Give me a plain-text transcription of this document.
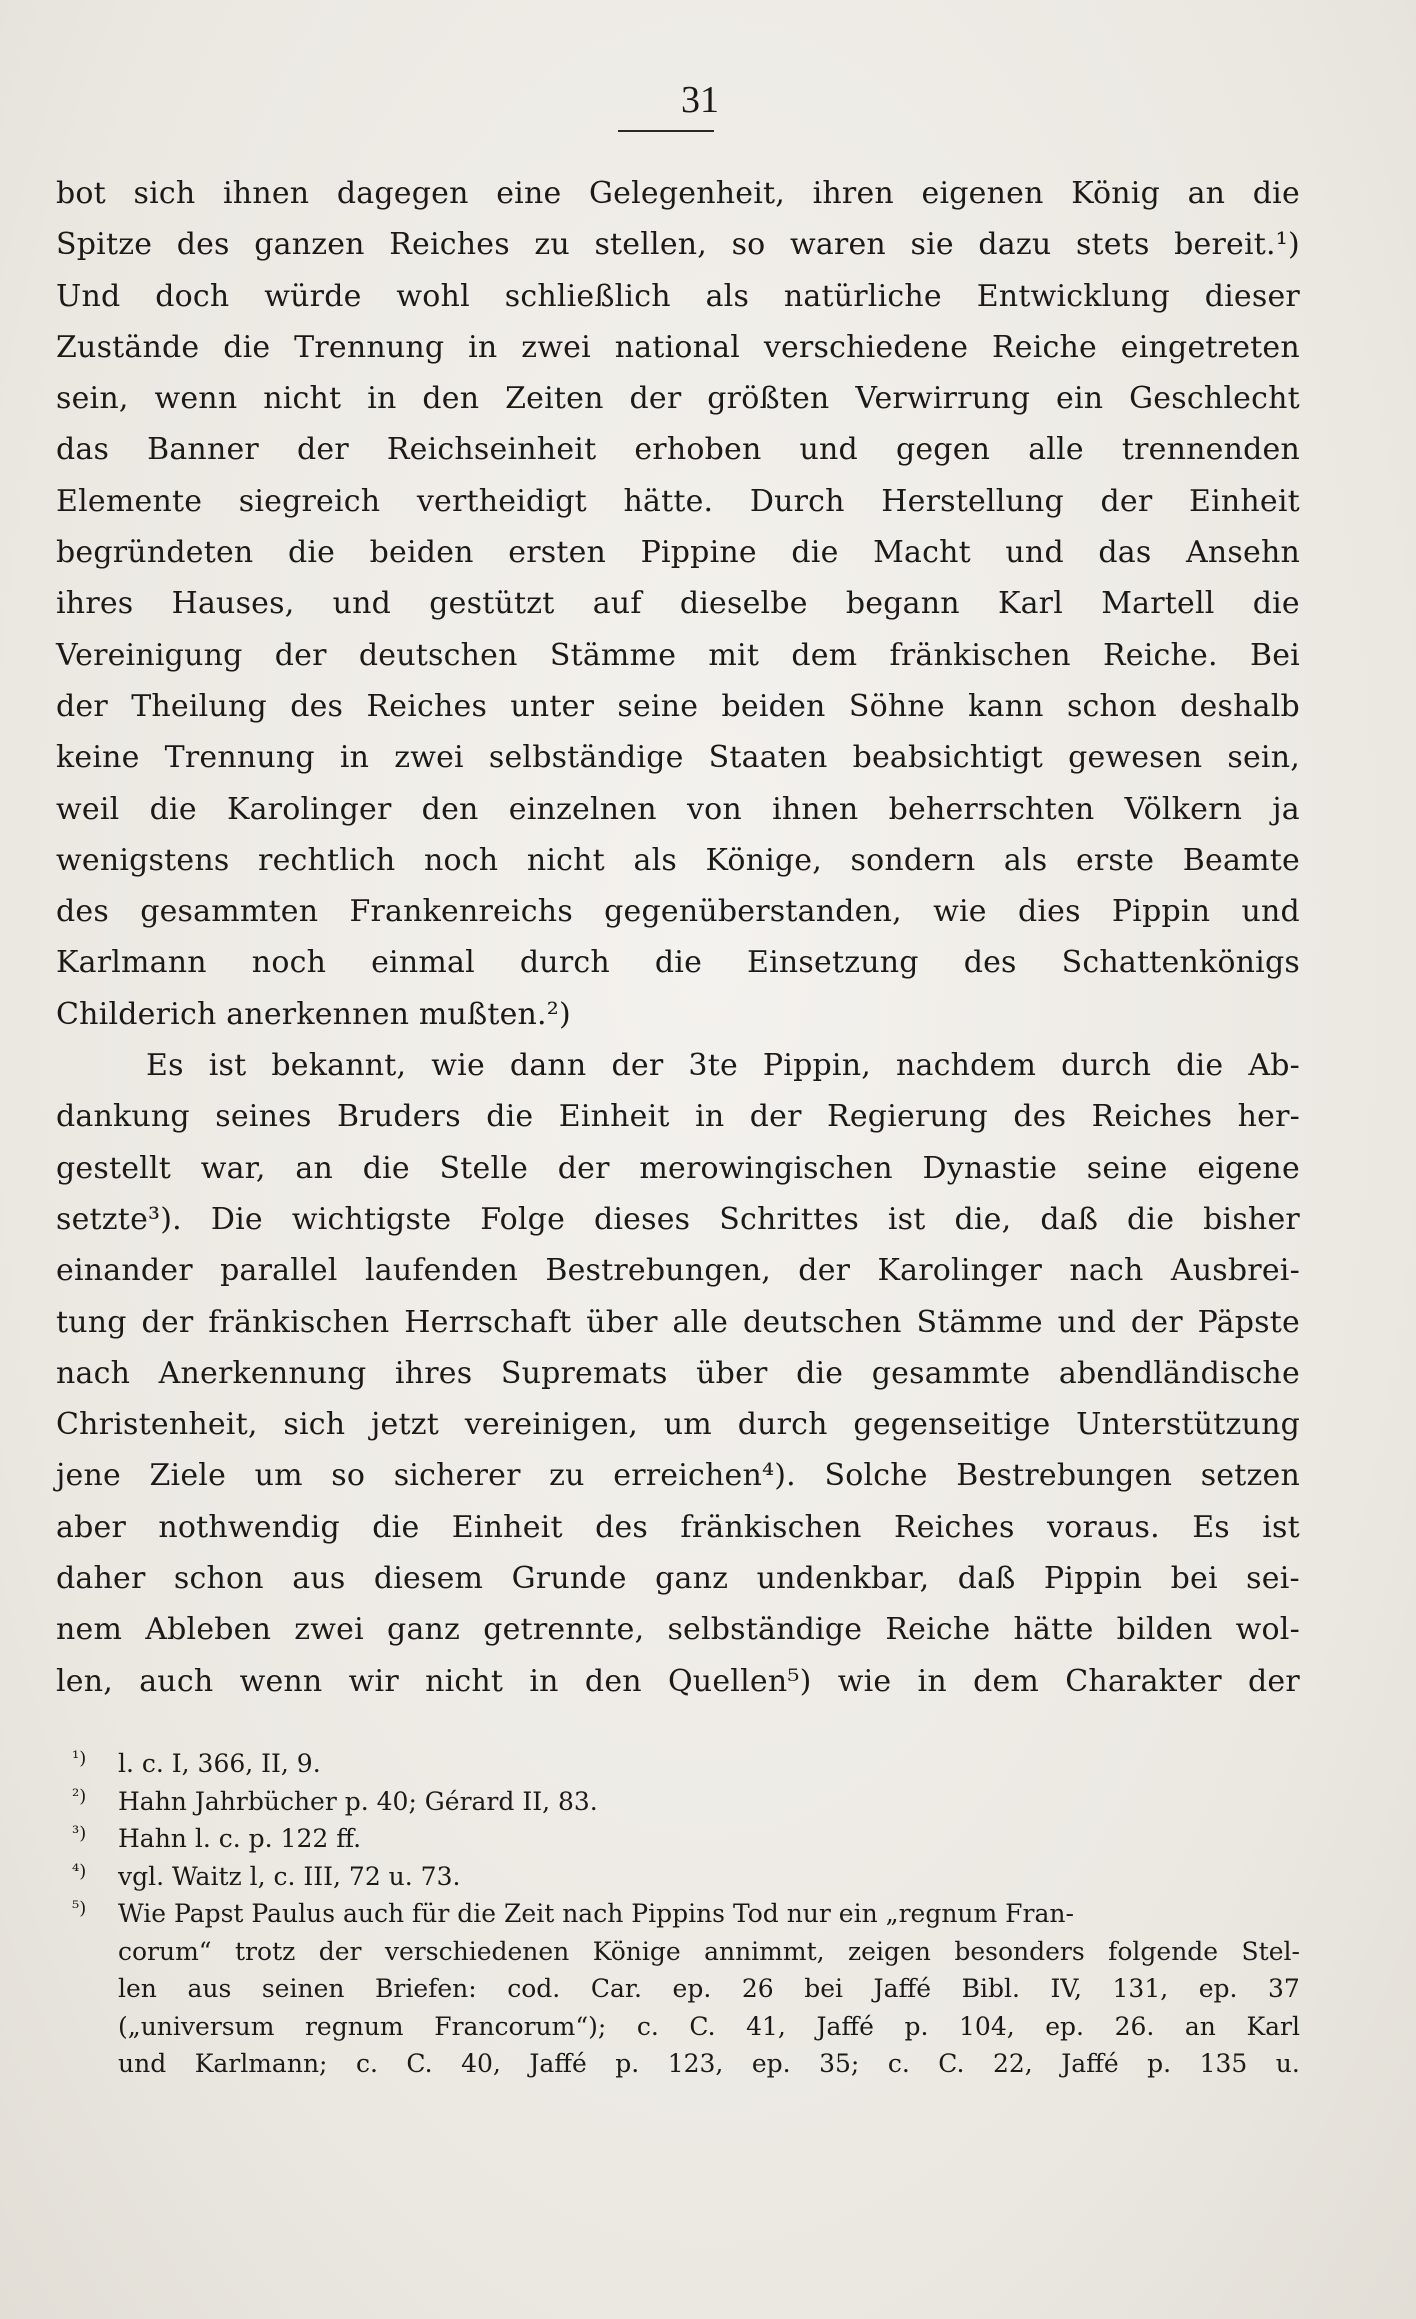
31
bot sich ihnen dagegen eine Gelegenheit, ihren eigenen König an die
Spitze des ganzen Reiches zu stellen, so waren sie dazu stets bereit.¹)
Und doch würde wohl schließlich als natürliche Entwicklung dieser
Zustände die Trennung in zwei national verschiedene Reiche eingetreten
sein, wenn nicht in den Zeiten der größten Verwirrung ein Geschlecht
das Banner der Reichseinheit erhoben und gegen alle trennenden
Elemente siegreich vertheidigt hätte. Durch Herstellung der Einheit
begründeten die beiden ersten Pippine die Macht und das Ansehn
ihres Hauses, und gestützt auf dieselbe begann Karl Martell die
Vereinigung der deutschen Stämme mit dem fränkischen Reiche. Bei
der Theilung des Reiches unter seine beiden Söhne kann schon deshalb
keine Trennung in zwei selbständige Staaten beabsichtigt gewesen sein,
weil die Karolinger den einzelnen von ihnen beherrschten Völkern ja
wenigstens rechtlich noch nicht als Könige, sondern als erste Beamte
des gesammten Frankenreichs gegenüberstanden, wie dies Pippin und
Karlmann noch einmal durch die Einsetzung des Schattenkönigs
Childerich anerkennen mußten.²)
Es ist bekannt, wie dann der 3te Pippin, nachdem durch die Ab-
dankung seines Bruders die Einheit in der Regierung des Reiches her-
gestellt war, an die Stelle der merowingischen Dynastie seine eigene
setzte³). Die wichtigste Folge dieses Schrittes ist die, daß die bisher
einander parallel laufenden Bestrebungen, der Karolinger nach Ausbrei-
tung der fränkischen Herrschaft über alle deutschen Stämme und der Päpste
nach Anerkennung ihres Supremats über die gesammte abendländische
Christenheit, sich jetzt vereinigen, um durch gegenseitige Unterstützung
jene Ziele um so sicherer zu erreichen⁴). Solche Bestrebungen setzen
aber nothwendig die Einheit des fränkischen Reiches voraus. Es ist
daher schon aus diesem Grunde ganz undenkbar, daß Pippin bei sei-
nem Ableben zwei ganz getrennte, selbständige Reiche hätte bilden wol-
len, auch wenn wir nicht in den Quellen⁵) wie in dem Charakter der
¹)	l. c. I, 366, II, 9.
²)	Hahn Jahrbücher p. 40; Gérard II, 83.
³)	Hahn l. c. p. 122 ff.
⁴)	vgl. Waitz l, c. III, 72 u. 73.
⁵)	Wie Papst Paulus auch für die Zeit nach Pippins Tod nur ein „regnum Fran-
corum“ trotz der verschiedenen Könige annimmt, zeigen besonders folgende Stel-
len aus seinen Briefen: cod. Car. ep. 26 bei Jaffé Bibl. IV, 131, ep. 37
(„universum regnum Francorum“); c. C. 41, Jaffé p. 104, ep. 26. an Karl
und Karlmann; c. C. 40, Jaffé p. 123, ep. 35; c. C. 22, Jaffé p. 135 u.
